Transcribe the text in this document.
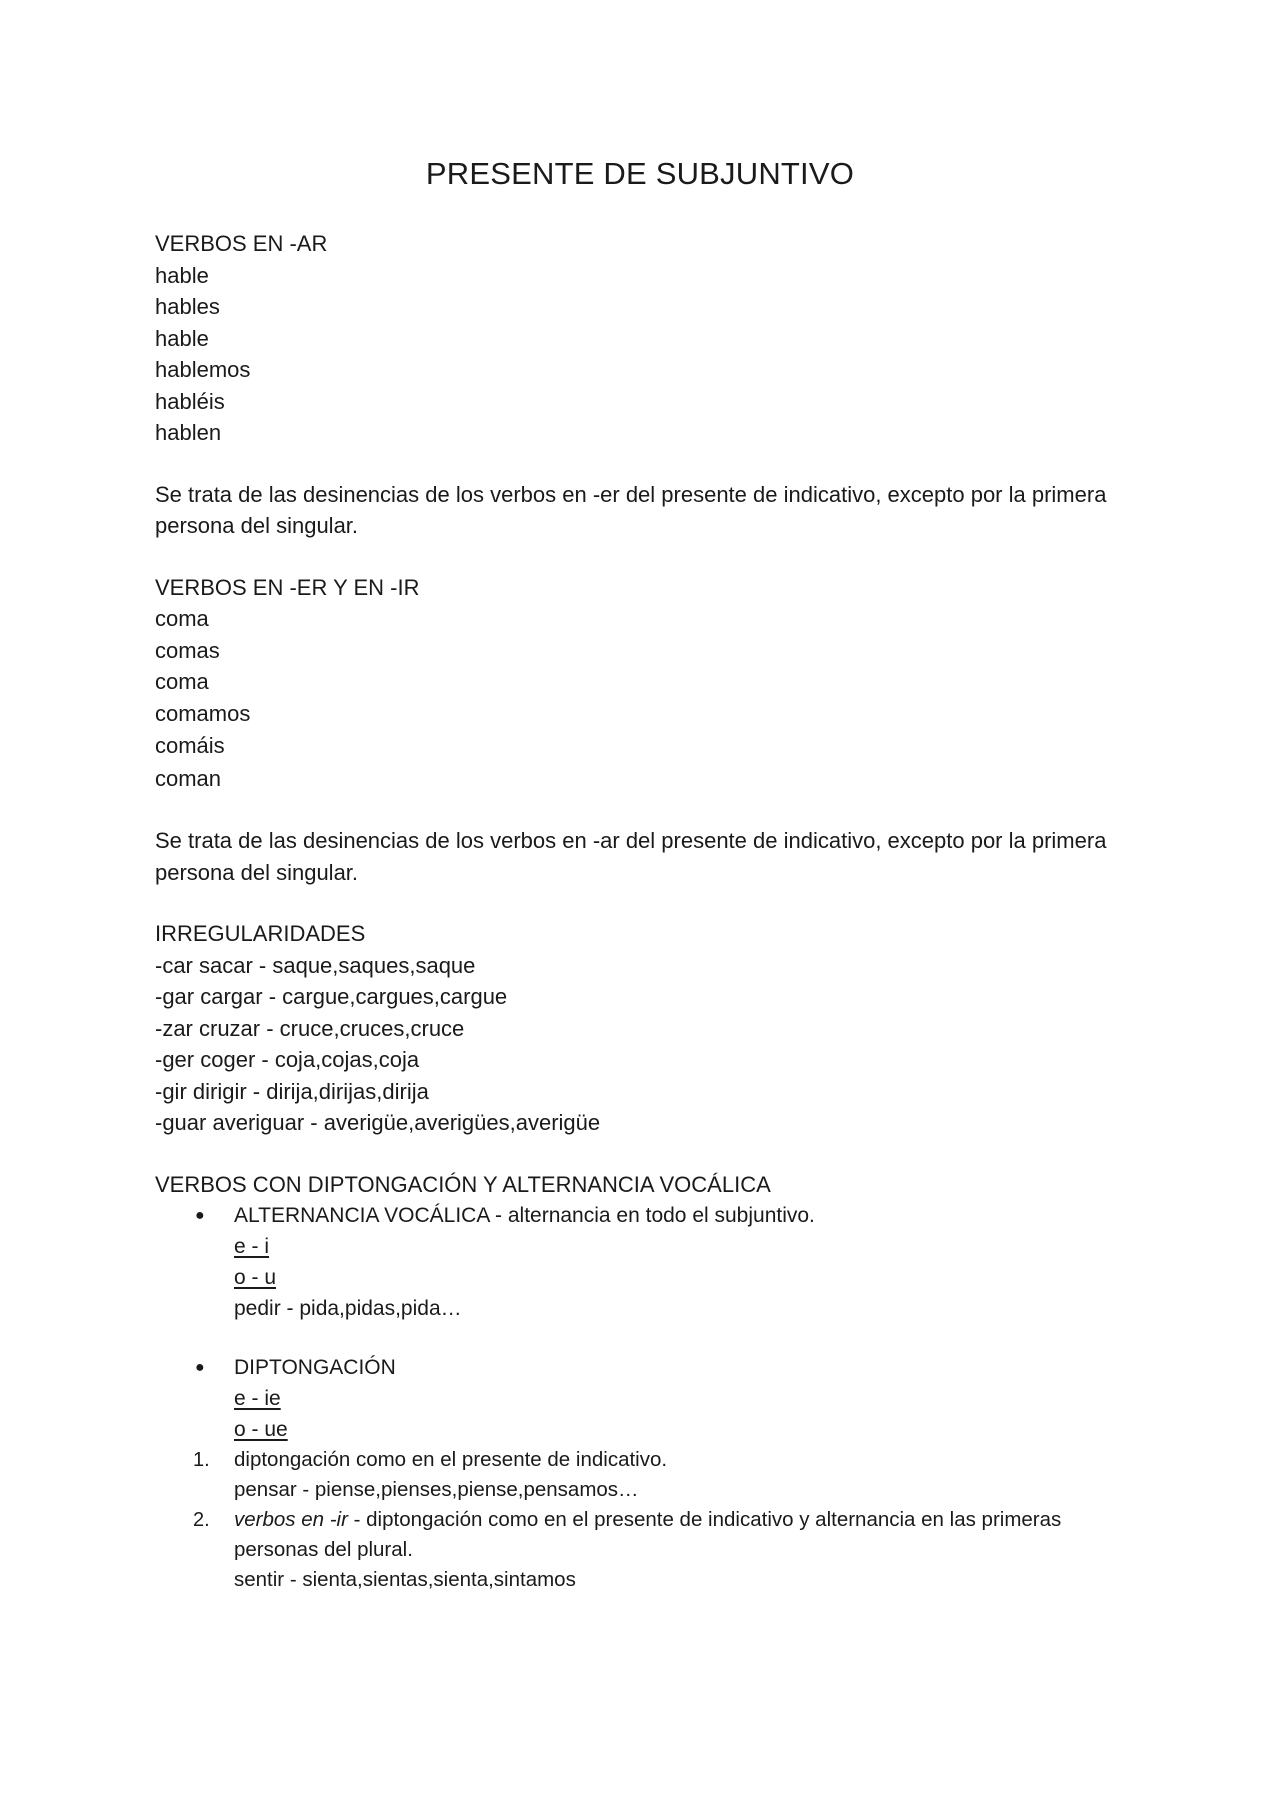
PRESENTE DE SUBJUNTIVO

VERBOS EN -AR

hable

hables

hable

hablemos

habléis

hablen

Se trata de las desinencias de los verbos en -er del presente de indicativo, excepto por la primera persona del singular.

VERBOS EN -ER Y EN -IR

coma

comas

coma

comamos

comáis

coman

Se trata de las desinencias de los verbos en -ar del presente de indicativo, excepto por la primera persona del singular.

IRREGULARIDADES

-car sacar - saque,saques,saque

-gar cargar - cargue,cargues,cargue

-zar cruzar - cruce,cruces,cruce

-ger coger - coja,cojas,coja

-gir dirigir - dirija,dirijas,dirija

-guar averiguar - averigüe,averigües,averigüe

VERBOS CON DIPTONGACIÓN Y ALTERNANCIA VOCÁLICA

● ALTERNANCIA VOCÁLICA - alternancia en todo el subjuntivo.

e - i

o - u

pedir - pida,pidas,pida…

● DIPTONGACIÓN

e - ie

o - ue

1. diptongación como en el presente de indicativo.

pensar - piense,pienses,piense,pensamos…

2. verbos en -ir - diptongación como en el presente de indicativo y alternancia en las primeras personas del plural.

sentir - sienta,sientas,sienta,sintamos
